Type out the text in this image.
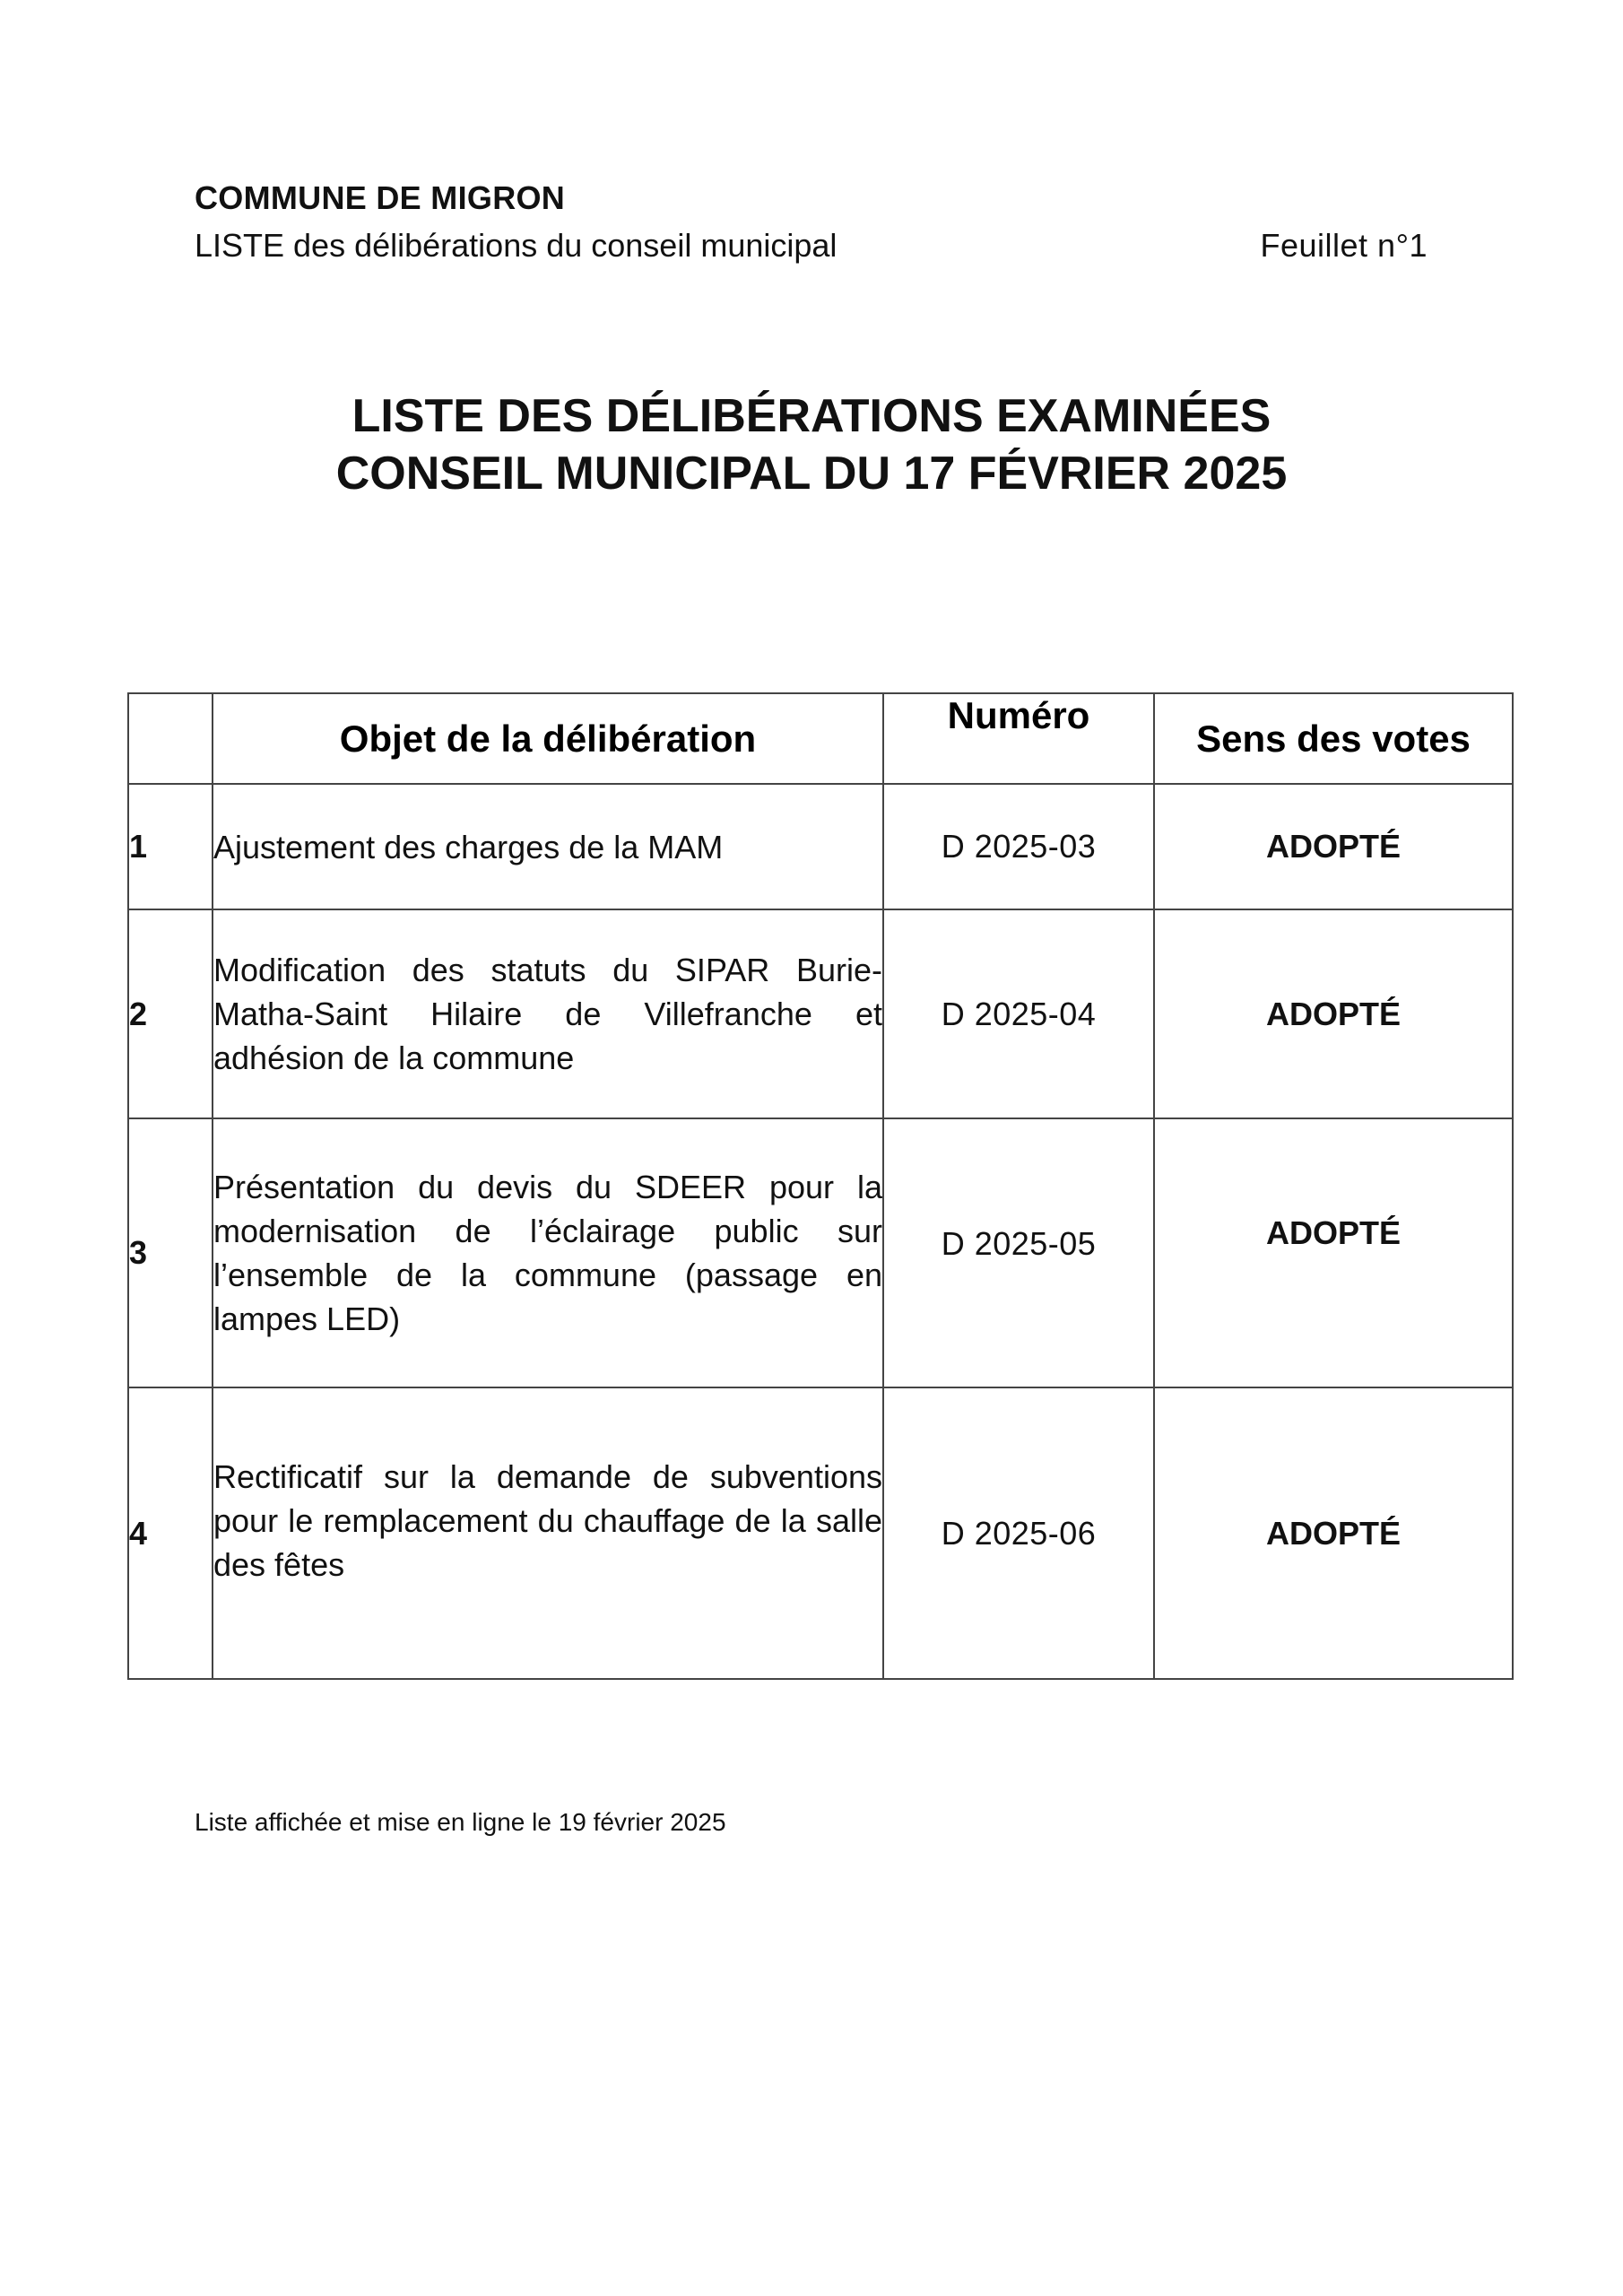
COMMUNE DE MIGRON
LISTE des délibérations du conseil municipal	Feuillet n°1
LISTE DES DÉLIBÉRATIONS EXAMINÉES
CONSEIL MUNICIPAL DU 17 FÉVRIER 2025
	Objet de la délibération	Numéro	Sens des votes
1	Ajustement des charges de la MAM	D 2025-03	ADOPTÉ
2	Modification des statuts du SIPAR Burie-Matha-Saint Hilaire de Villefranche et adhésion de la commune	D 2025-04	ADOPTÉ
3	Présentation du devis du SDEER pour la modernisation de l’éclairage public sur l’ensemble de la commune (passage en lampes LED)	D 2025-05	ADOPTÉ
4	Rectificatif sur la demande de subventions pour le remplacement du chauffage de la salle des fêtes	D 2025-06	ADOPTÉ
Liste affichée et mise en ligne le 19 février 2025
